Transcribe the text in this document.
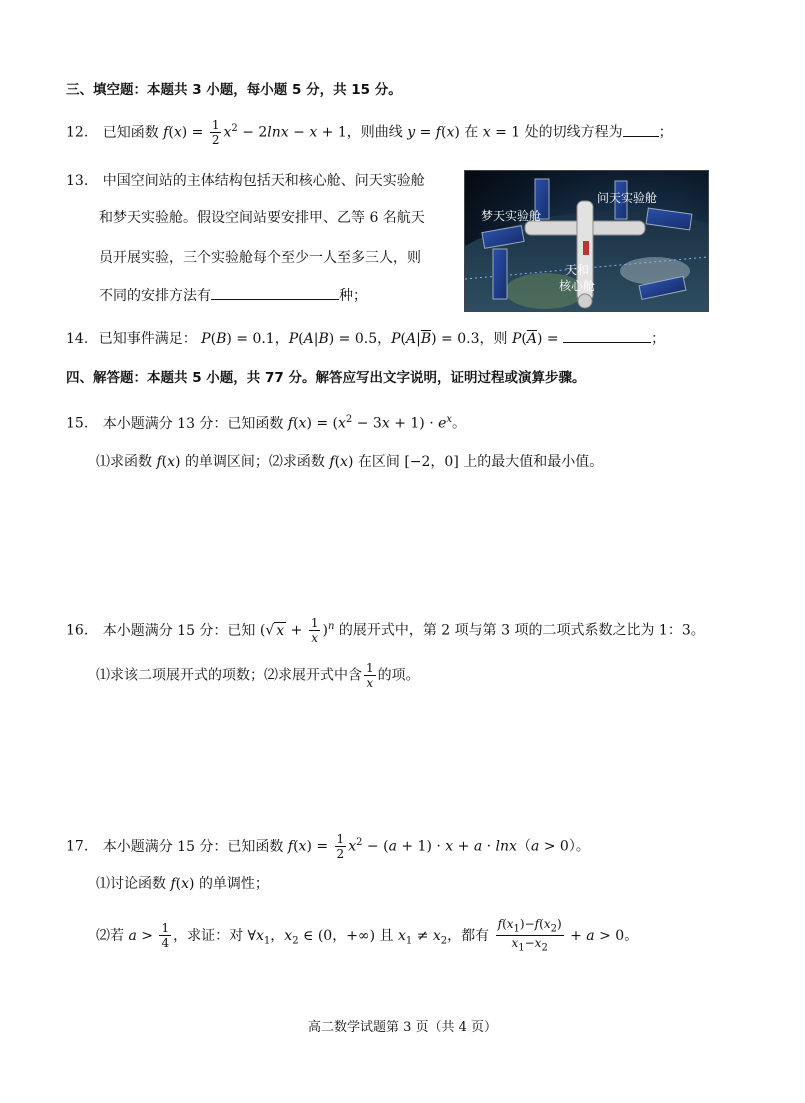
三、填空题：本题共 3 小题，每小题 5 分，共 15 分。
12. 已知函数 $f(x) = \frac{1}{2} x^2 - 2\ln x - x + 1$，则曲线 y = f(x) 在 x = 1 处的切线方程为	；
13. 中国空间站的主体结构包括天和核心舱、问天实验舱
和梦天实验舱。假设空间站要安排甲、乙等 6 名航天
员开展实验，三个实验舱每个至少一人至多三人，则
不同的安排方法有	种；
问天实验舱
梦天实验舱
天和
核心舱
14. 已知事件满足： P(B) = 0.1，P(A|B) = 0.5，$P(A|\overline{B}) = 0.3$，则 $P(\overline{A})$ =	；
四、解答题：本题共 5 小题，共 77 分。解答应写出文字说明，证明过程或演算步骤。
15. 本小题满分 13 分：已知函数 $f(x) = (x^2 - 3x + 1) \cdot e^x$。
⑴求函数 f(x) 的单调区间；⑵求函数 f(x) 在区间 [−2，0] 上的最大值和最小值。
16. 本小题满分 15 分：已知 (√ $x + \frac{1}{x} )^n$ 的展开式中，第 2 项与第 3 项的二项式系数之比为 1：3。
⑴求该二项展开式的项数；⑵求展开式中含 $\frac{1}{x}$ 的项。
17. 本小题满分 15 分：已知函数 $f(x) = \frac{1}{2} x^2 - (a + 1) \cdot x + a \cdot \ln x(a > 0)$。
⑴讨论函数 f(x) 的单调性；
⑵若 $a > \frac{1}{4}$ ，求证：对 $\forall x_1$，$x_2$ ∈ (0，+∞) 且 $x_1 \ne x_2$，都有 $\frac{f(x_1)-f(x_2)}{x_1-x_2} + a > 0$。
高二数学试题第 3 页（共 4 页）
